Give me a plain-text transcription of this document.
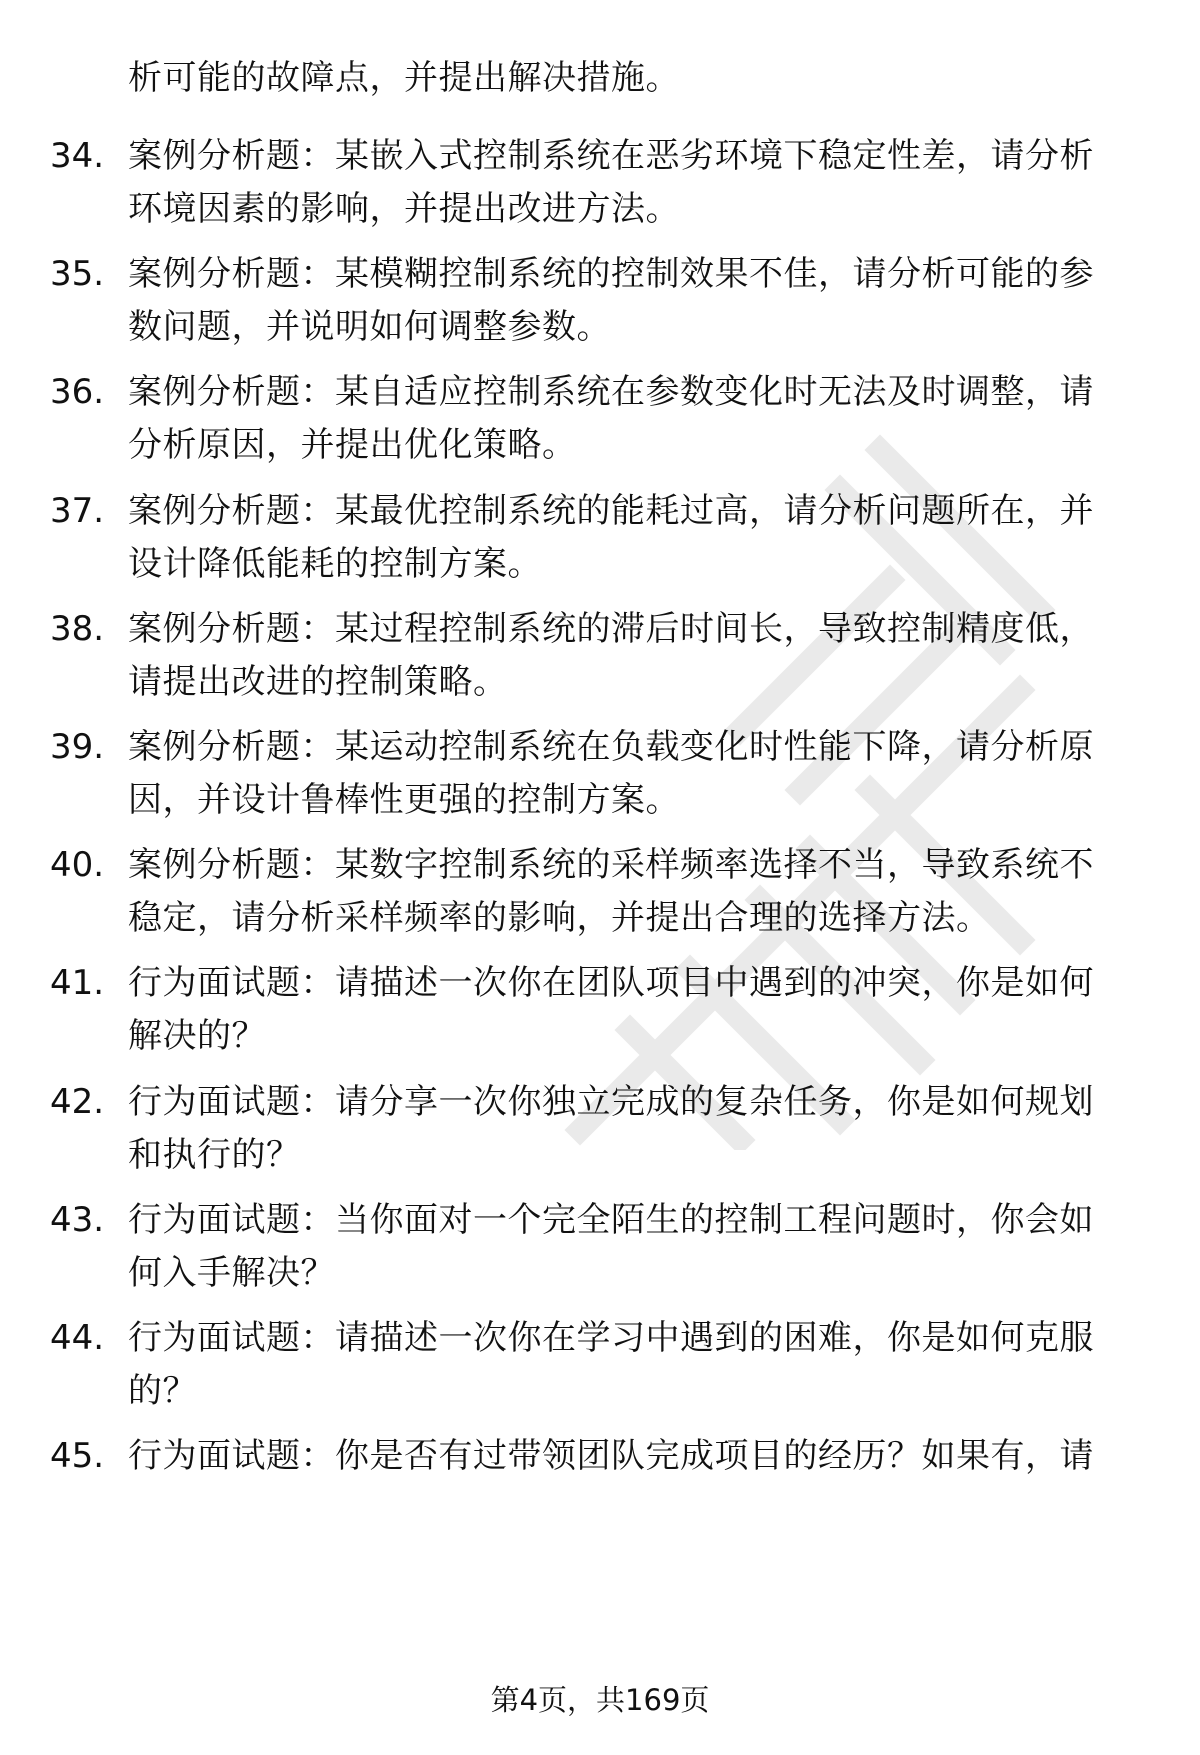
析可能的故障点，并提出解决措施。
34. 案例分析题：某嵌入式控制系统在恶劣环境下稳定性差，请分析
环境因素的影响，并提出改进方法。
35. 案例分析题：某模糊控制系统的控制效果不佳，请分析可能的参
数问题，并说明如何调整参数。
36. 案例分析题：某自适应控制系统在参数变化时无法及时调整，请
分析原因，并提出优化策略。
37. 案例分析题：某最优控制系统的能耗过高，请分析问题所在，并
设计降低能耗的控制方案。
38. 案例分析题：某过程控制系统的滞后时间长，导致控制精度低，
请提出改进的控制策略。
39. 案例分析题：某运动控制系统在负载变化时性能下降，请分析原
因，并设计鲁棒性更强的控制方案。
40. 案例分析题：某数字控制系统的采样频率选择不当，导致系统不
稳定，请分析采样频率的影响，并提出合理的选择方法。
41. 行为面试题：请描述一次你在团队项目中遇到的冲突，你是如何
解决的？
42. 行为面试题：请分享一次你独立完成的复杂任务，你是如何规划
和执行的？
43. 行为面试题：当你面对一个完全陌生的控制工程问题时，你会如
何入手解决？
44. 行为面试题：请描述一次你在学习中遇到的困难，你是如何克服
的？
45. 行为面试题：你是否有过带领团队完成项目的经历？如果有，请
第4页，共169页
